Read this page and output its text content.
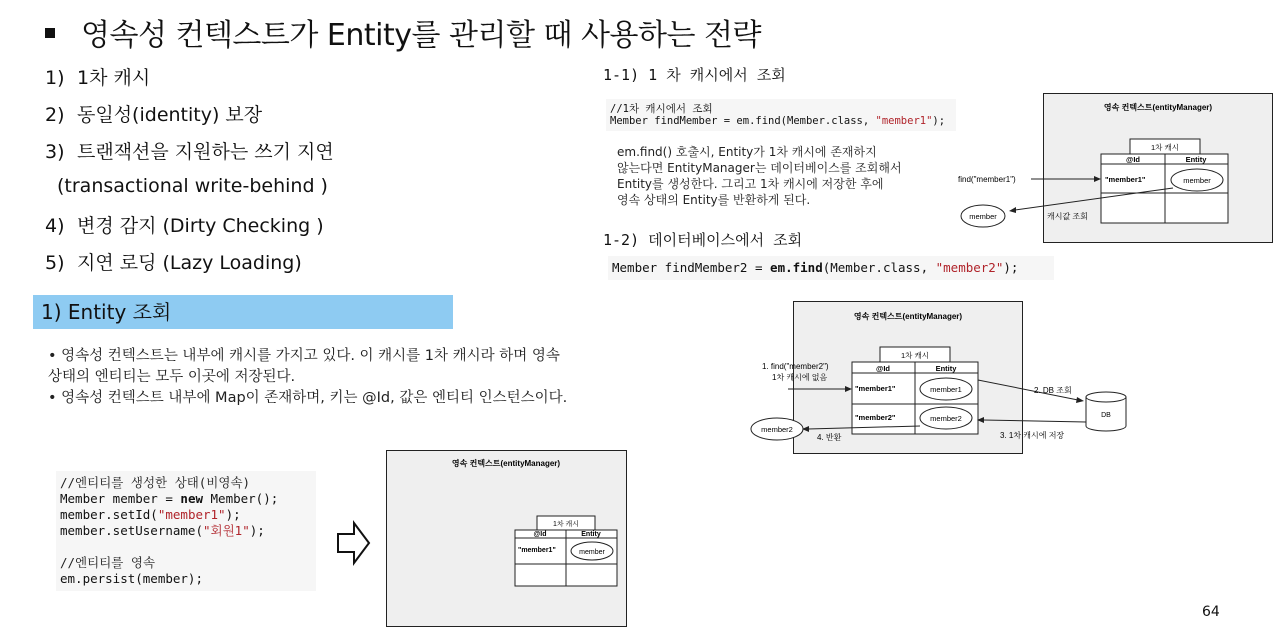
영속성 컨텍스트가 Entity를 관리할 때 사용하는 전략
1) 1차 캐시
2) 동일성(identity) 보장
3) 트랜잭션을 지원하는 쓰기 지연
(transactional write-behind )
4) 변경 감지 (Dirty Checking )
5) 지연 로딩 (Lazy Loading)
1) Entity 조회
• 영속성 컨텍스트는 내부에 캐시를 가지고 있다. 이 캐시를 1차 캐시라 하며 영속
상태의 엔티티는 모두 이곳에 저장된다.
• 영속성 컨텍스트 내부에 Map이 존재하며, 키는 @Id, 값은 엔티티 인스턴스이다.
//엔티티를 생성한 상태(비영속)
Member member = new Member();
member.setId("member1");
member.setUsername("회원1");

//엔티티를 영속
em.persist(member);
영속 컨텍스트(entityManager)
1차 캐시
@Id	Entity
"member1"	member
1-1) 1 차 캐시에서 조회
//1차 캐시에서 조회
Member findMember = em.find(Member.class, "member1");
em.find() 호출시, Entity가 1차 캐시에 존재하지
않는다면 EntityManager는 데이터베이스를 조회해서
Entity를 생성한다. 그리고 1차 캐시에 저장한 후에
영속 상태의 Entity를 반환하게 된다.
1-2) 데이터베이스에서 조회
Member findMember2 = em.find(Member.class, "member2");
영속 컨텍스트(entityManager)
1차 캐시
@Id	Entity
"member1"	member
find("member1")
member	캐시값 조회
영속 컨텍스트(entityManager)
1차 캐시
@Id	Entity
"member1"	member1
"member2"	member2
1. find("member2")
1차 캐시에 없음
2. DB 조회
DB
3. 1차 캐시에 저장
member2
4. 반환
64
